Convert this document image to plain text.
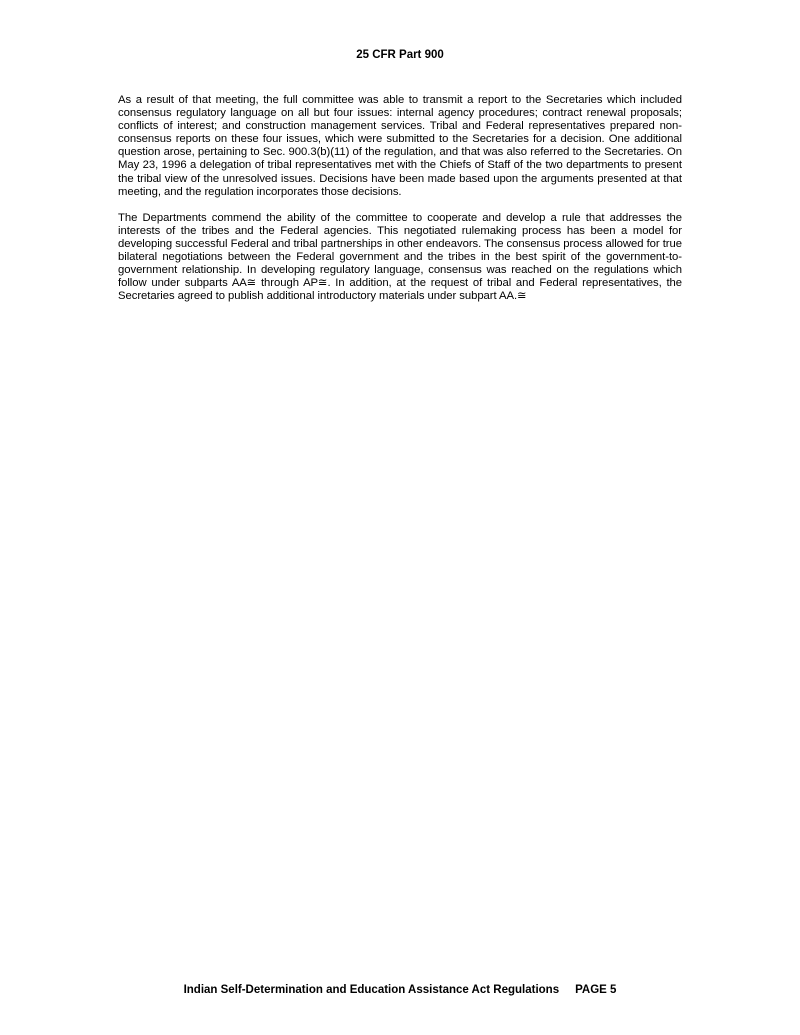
25 CFR Part 900

As a result of that meeting, the full committee was able to transmit a report to the Secretaries which included consensus regulatory language on all but four issues: internal agency procedures; contract renewal proposals; conflicts of interest; and construction management services. Tribal and Federal representatives prepared non-consensus reports on these four issues, which were submitted to the Secretaries for a decision. One additional question arose, pertaining to Sec. 900.3(b)(11) of the regulation, and that was also referred to the Secretaries. On May 23, 1996 a delegation of tribal representatives met with the Chiefs of Staff of the two departments to present the tribal view of the unresolved issues. Decisions have been made based upon the arguments presented at that meeting, and the regulation incorporates those decisions.

The Departments commend the ability of the committee to cooperate and develop a rule that addresses the interests of the tribes and the Federal agencies. This negotiated rulemaking process has been a model for developing successful Federal and tribal partnerships in other endeavors. The consensus process allowed for true bilateral negotiations between the Federal government and the tribes in the best spirit of the government-to-government relationship. In developing regulatory language, consensus was reached on the regulations which follow under subparts AA≅ through AP≅. In addition, at the request of tribal and Federal representatives, the Secretaries agreed to publish additional introductory materials under subpart AA.≅

Indian Self-Determination and Education Assistance Act Regulations     PAGE 5
